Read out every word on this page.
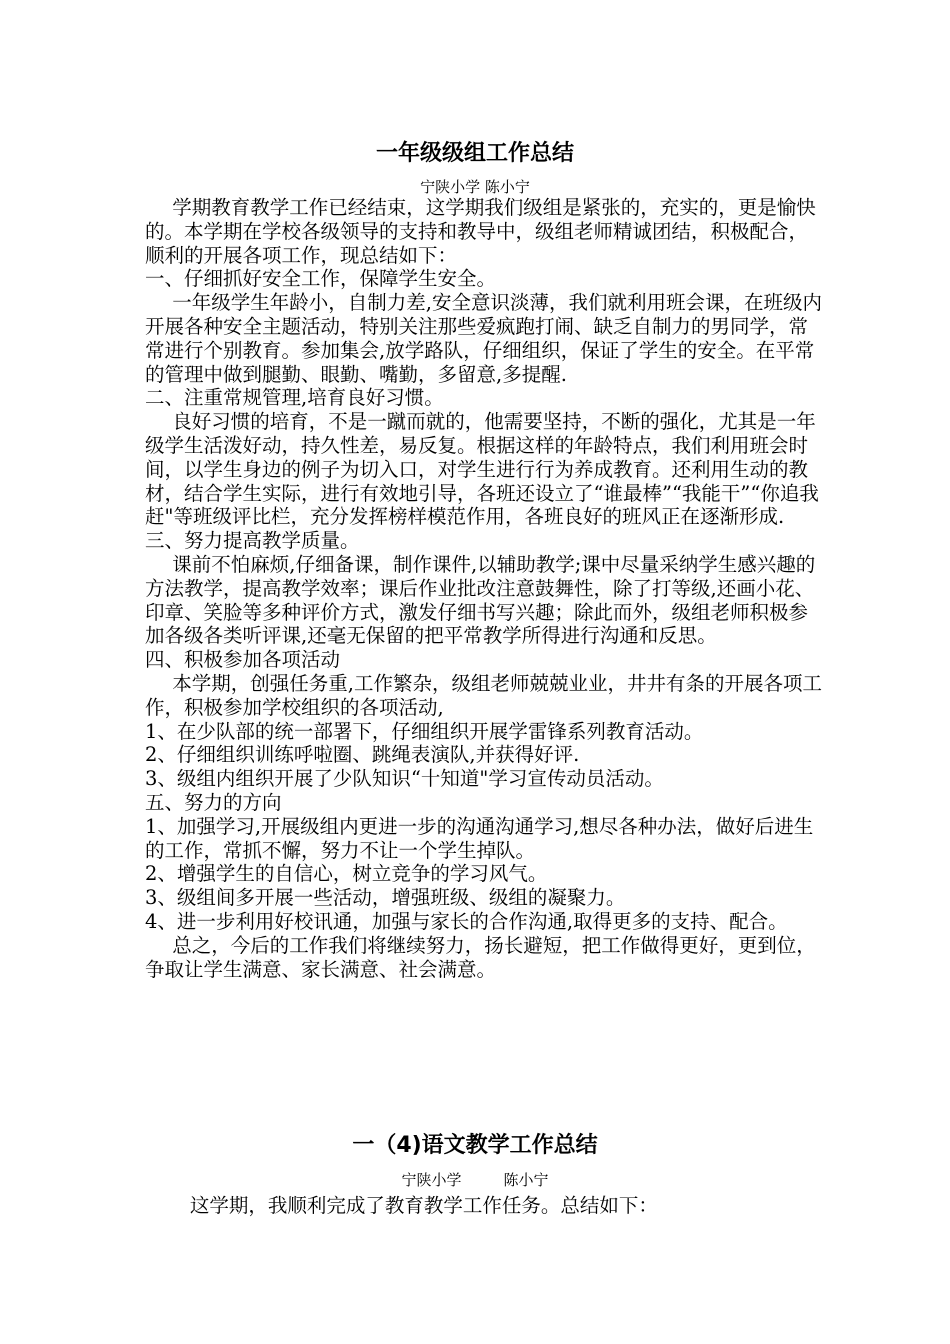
一年级级组工作总结
宁陕小学 陈小宁

学期教育教学工作已经结束，这学期我们级组是紧张的，充实的，更是愉快的。本学期在学校各级领导的支持和教导中，级组老师精诚团结，积极配合，顺利的开展各项工作，现总结如下：

一、仔细抓好安全工作，保障学生安全。

一年级学生年龄小，自制力差,安全意识淡薄，我们就利用班会课，在班级内开展各种安全主题活动，特别关注那些爱疯跑打闹、缺乏自制力的男同学，常常进行个别教育。参加集会,放学路队，仔细组织，保证了学生的安全。在平常的管理中做到腿勤、眼勤、嘴勤，多留意,多提醒.

二、注重常规管理,培育良好习惯。

良好习惯的培育，不是一蹴而就的，他需要坚持，不断的强化，尤其是一年级学生活泼好动，持久性差，易反复。根据这样的年龄特点，我们利用班会时间，以学生身边的例子为切入口，对学生进行行为养成教育。还利用生动的教材，结合学生实际，进行有效地引导，各班还设立了“谁最棒”“我能干”“你追我赶"等班级评比栏，充分发挥榜样模范作用，各班良好的班风正在逐渐形成.

三、努力提高教学质量。

课前不怕麻烦,仔细备课，制作课件,以辅助教学;课中尽量采纳学生感兴趣的方法教学，提高教学效率；课后作业批改注意鼓舞性，除了打等级,还画小花、印章、笑脸等多种评价方式，激发仔细书写兴趣；除此而外，级组老师积极参加各级各类听评课,还毫无保留的把平常教学所得进行沟通和反思。

四、积极参加各项活动

本学期，创强任务重,工作繁杂，级组老师兢兢业业，井井有条的开展各项工作，积极参加学校组织的各项活动,

1、在少队部的统一部署下，仔细组织开展学雷锋系列教育活动。

2、仔细组织训练呼啦圈、跳绳表演队,并获得好评.

3、级组内组织开展了少队知识“十知道"学习宣传动员活动。

五、努力的方向

1、加强学习,开展级组内更进一步的沟通沟通学习,想尽各种办法，做好后进生的工作，常抓不懈，努力不让一个学生掉队。

2、增强学生的自信心，树立竞争的学习风气。

3、级组间多开展一些活动，增强班级、级组的凝聚力。

4、进一步利用好校讯通，加强与家长的合作沟通,取得更多的支持、配合。

总之，今后的工作我们将继续努力，扬长避短，把工作做得更好，更到位，争取让学生满意、家长满意、社会满意。

一（4)语文教学工作总结
宁陕小学	陈小宁

这学期，我顺利完成了教育教学工作任务。总结如下：
